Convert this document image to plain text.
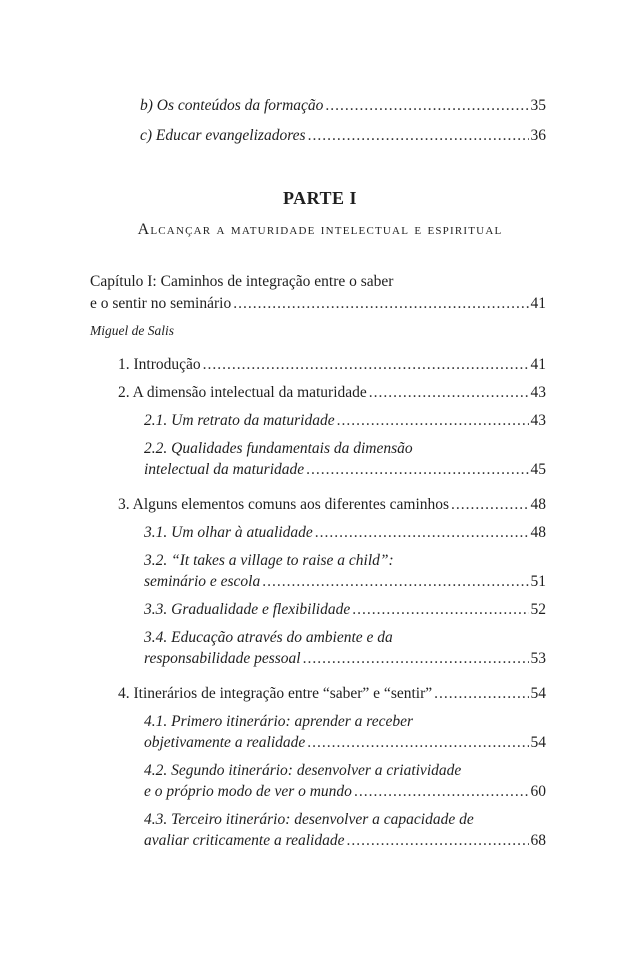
b) Os conteúdos da formação .....	35
c) Educar evangelizadores .....	36
PARTE I
Alcançar a maturidade intelectual e espiritual
Capítulo I: Caminhos de integração entre o saber
e o sentir no seminário .....	41
Miguel de Salis
1. Introdução .....	41
2. A dimensão intelectual da maturidade .....	43
2.1. Um retrato da maturidade .....	43
2.2. Qualidades fundamentais da dimensão
intelectual da maturidade .....	45
3. Alguns elementos comuns aos diferentes caminhos .....	48
3.1. Um olhar à atualidade .....	48
3.2. “It takes a village to raise a child”:
seminário e escola .....	51
3.3. Gradualidade e flexibilidade .....	52
3.4. Educação através do ambiente e da
responsabilidade pessoal .....	53
4. Itinerários de integração entre “saber” e “sentir” .....	54
4.1. Primero itinerário: aprender a receber
objetivamente a realidade .....	54
4.2. Segundo itinerário: desenvolver a criatividade
e o próprio modo de ver o mundo .....	60
4.3. Terceiro itinerário: desenvolver a capacidade de
avaliar criticamente a realidade .....	68
